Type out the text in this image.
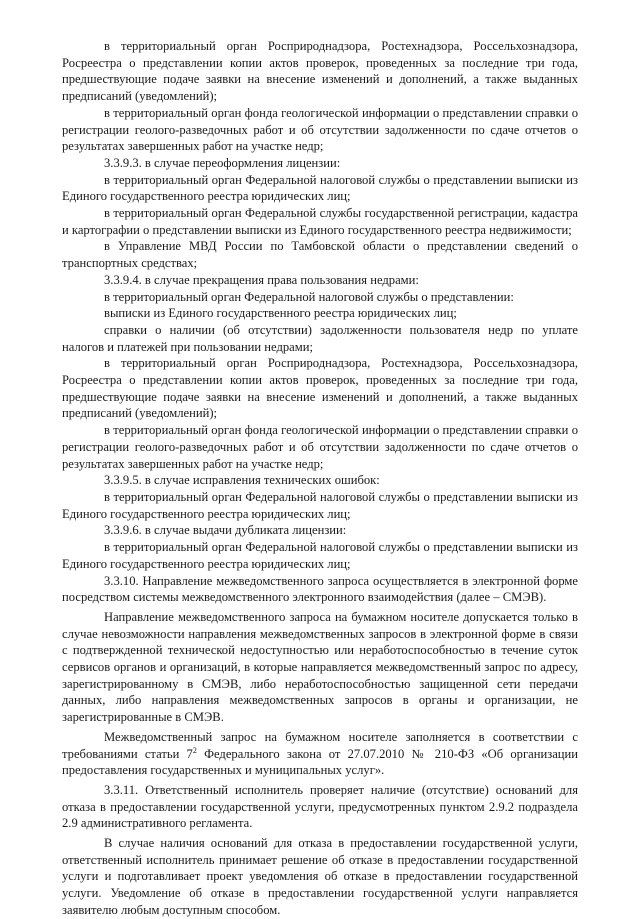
в территориальный орган Росприроднадзора, Ростехнадзора, Россельхознадзора, Росреестра о представлении копии актов проверок, проведенных за последние три года, предшествующие подаче заявки на внесение изменений и дополнений, а также выданных предписаний (уведомлений);

в территориальный орган фонда геологической информации о представлении справки о регистрации геолого-разведочных работ и об отсутствии задолженности по сдаче отчетов о результатах завершенных работ на участке недр;

3.3.9.3. в случае переоформления лицензии:

в территориальный орган Федеральной налоговой службы о представлении выписки из Единого государственного реестра юридических лиц;

в территориальный орган Федеральной службы государственной регистрации, кадастра и картографии о представлении выписки из Единого государственного реестра недвижимости;

в Управление МВД России по Тамбовской области о представлении сведений о транспортных средствах;

3.3.9.4. в случае прекращения права пользования недрами:

в территориальный орган Федеральной налоговой службы о представлении:

выписки из Единого государственного реестра юридических лиц;

справки о наличии (об отсутствии) задолженности пользователя недр по уплате налогов и платежей при пользовании недрами;

в территориальный орган Росприроднадзора, Ростехнадзора, Россельхознадзора, Росреестра о представлении копии актов проверок, проведенных за последние три года, предшествующие подаче заявки на внесение изменений и дополнений, а также выданных предписаний (уведомлений);

в территориальный орган фонда геологической информации о представлении справки о регистрации геолого-разведочных работ и об отсутствии задолженности по сдаче отчетов о результатах завершенных работ на участке недр;

3.3.9.5. в случае исправления технических ошибок:

в территориальный орган Федеральной налоговой службы о представлении выписки из Единого государственного реестра юридических лиц;

3.3.9.6. в случае выдачи дубликата лицензии:

в территориальный орган Федеральной налоговой службы о представлении выписки из Единого государственного реестра юридических лиц;

3.3.10. Направление межведомственного запроса осуществляется в электронной форме посредством системы межведомственного электронного взаимодействия (далее – СМЭВ).

Направление межведомственного запроса на бумажном носителе допускается только в случае невозможности направления межведомственных запросов в электронной форме в связи с подтвержденной технической недоступностью или неработоспособностью в течение суток сервисов органов и организаций, в которые направляется межведомственный запрос по адресу, зарегистрированному в СМЭВ, либо неработоспособностью защищенной сети передачи данных, либо направления межведомственных запросов в органы и организации, не зарегистрированные в СМЭВ.

Межведомственный запрос на бумажном носителе заполняется в соответствии с требованиями статьи $7^2$ Федерального закона от 27.07.2010 № 210-ФЗ «Об организации предоставления государственных и муниципальных услуг».

3.3.11. Ответственный исполнитель проверяет наличие (отсутствие) оснований для отказа в предоставлении государственной услуги, предусмотренных пунктом 2.9.2 подраздела 2.9 административного регламента.

В случае наличия оснований для отказа в предоставлении государственной услуги, ответственный исполнитель принимает решение об отказе в предоставлении государственной услуги и подготавливает проект уведомления об отказе в предоставлении государственной услуги. Уведомление об отказе в предоставлении государственной услуги направляется заявителю любым доступным способом.
